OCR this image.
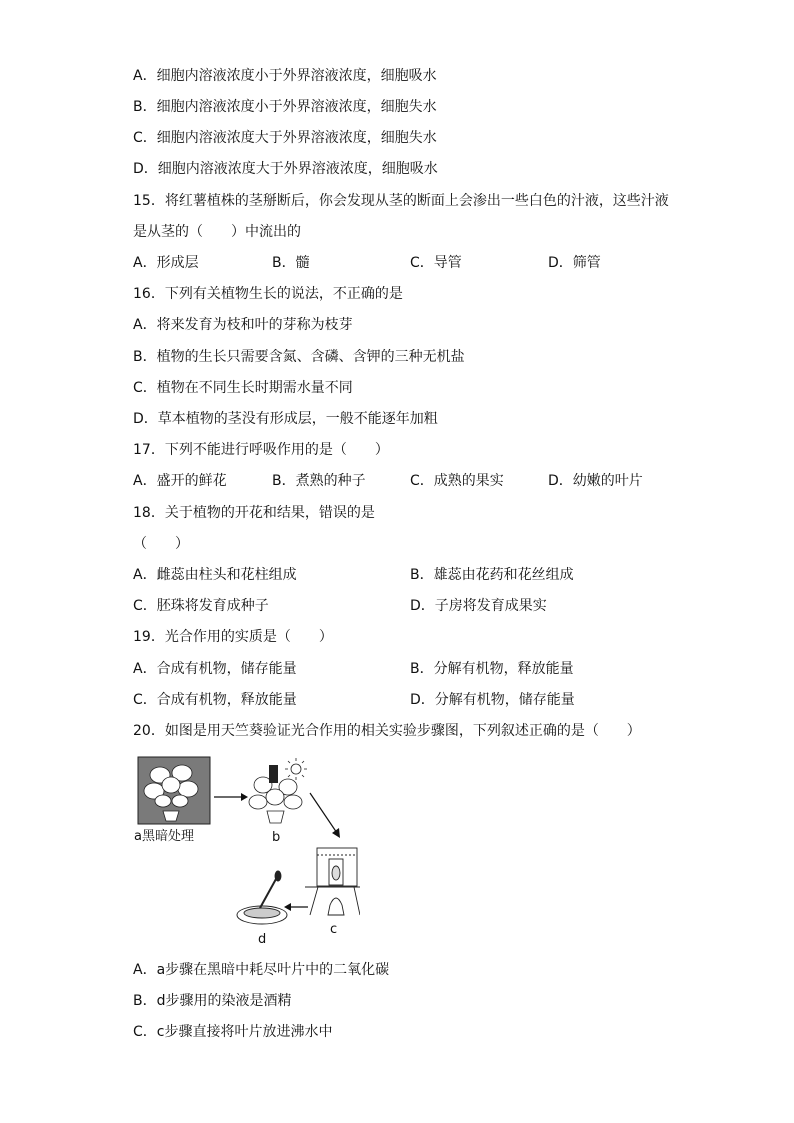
A．细胞内溶液浓度小于外界溶液浓度，细胞吸水
B．细胞内溶液浓度小于外界溶液浓度，细胞失水
C．细胞内溶液浓度大于外界溶液浓度，细胞失水
D．细胞内溶液浓度大于外界溶液浓度，细胞吸水
15．将红薯植株的茎掰断后，你会发现从茎的断面上会渗出一些白色的汁液，这些汁液
是从茎的（　　）中流出的
A．形成层	B．髓	C．导管	D．筛管
16．下列有关植物生长的说法，不正确的是
A．将来发育为枝和叶的芽称为枝芽
B．植物的生长只需要含氮、含磷、含钾的三种无机盐
C．植物在不同生长时期需水量不同
D．草本植物的茎没有形成层，一般不能逐年加粗
17．下列不能进行呼吸作用的是（　　）
A．盛开的鲜花	B．煮熟的种子	C．成熟的果实	D．幼嫩的叶片
18．关于植物的开花和结果，错误的是
（　　）
A．雌蕊由柱头和花柱组成	B．雄蕊由花药和花丝组成
C．胚珠将发育成种子	D．子房将发育成果实
19．光合作用的实质是（　　）
A．合成有机物，储存能量	B．分解有机物，释放能量
C．合成有机物，释放能量	D．分解有机物，储存能量
20．如图是用天竺葵验证光合作用的相关实验步骤图，下列叙述正确的是（　　）
a黑暗处理	b
c
d
A．a步骤在黑暗中耗尽叶片中的二氧化碳
B．d步骤用的染液是酒精
C．c步骤直接将叶片放进沸水中
